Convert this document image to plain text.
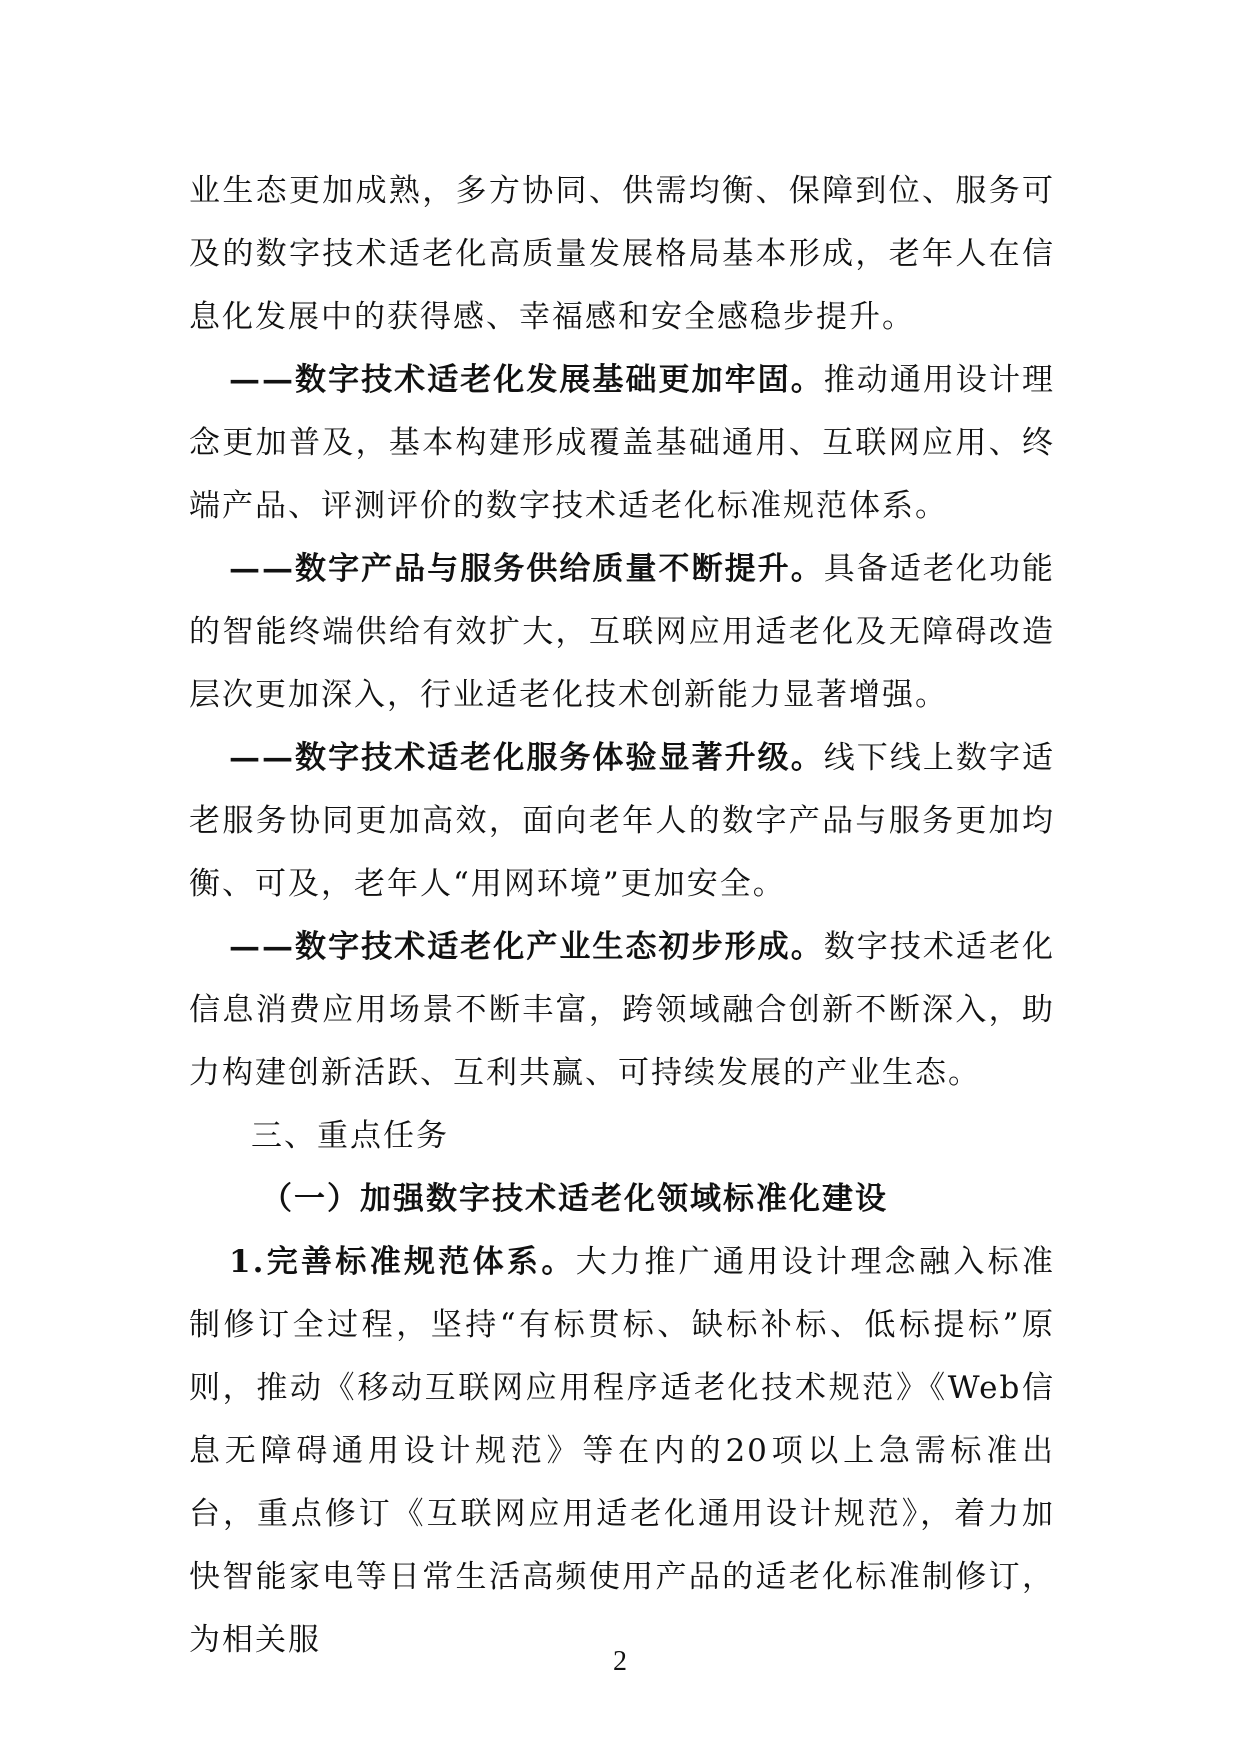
业生态更加成熟，多方协同、供需均衡、保障到位、服务可及的数字技术适老化高质量发展格局基本形成，老年人在信息化发展中的获得感、幸福感和安全感稳步提升。

——数字技术适老化发展基础更加牢固。推动通用设计理念更加普及，基本构建形成覆盖基础通用、互联网应用、终端产品、评测评价的数字技术适老化标准规范体系。

——数字产品与服务供给质量不断提升。具备适老化功能的智能终端供给有效扩大，互联网应用适老化及无障碍改造层次更加深入，行业适老化技术创新能力显著增强。

——数字技术适老化服务体验显著升级。线下线上数字适老服务协同更加高效，面向老年人的数字产品与服务更加均衡、可及，老年人“用网环境”更加安全。

——数字技术适老化产业生态初步形成。数字技术适老化信息消费应用场景不断丰富，跨领域融合创新不断深入，助力构建创新活跃、互利共赢、可持续发展的产业生态。

三、重点任务

（一）加强数字技术适老化领域标准化建设

1.完善标准规范体系。大力推广通用设计理念融入标准制修订全过程，坚持“有标贯标、缺标补标、低标提标”原则，推动《移动互联网应用程序适老化技术规范》《Web信息无障碍通用设计规范》等在内的20项以上急需标准出台，重点修订《互联网应用适老化通用设计规范》，着力加快智能家电等日常生活高频使用产品的适老化标准制修订，为相关服

2
